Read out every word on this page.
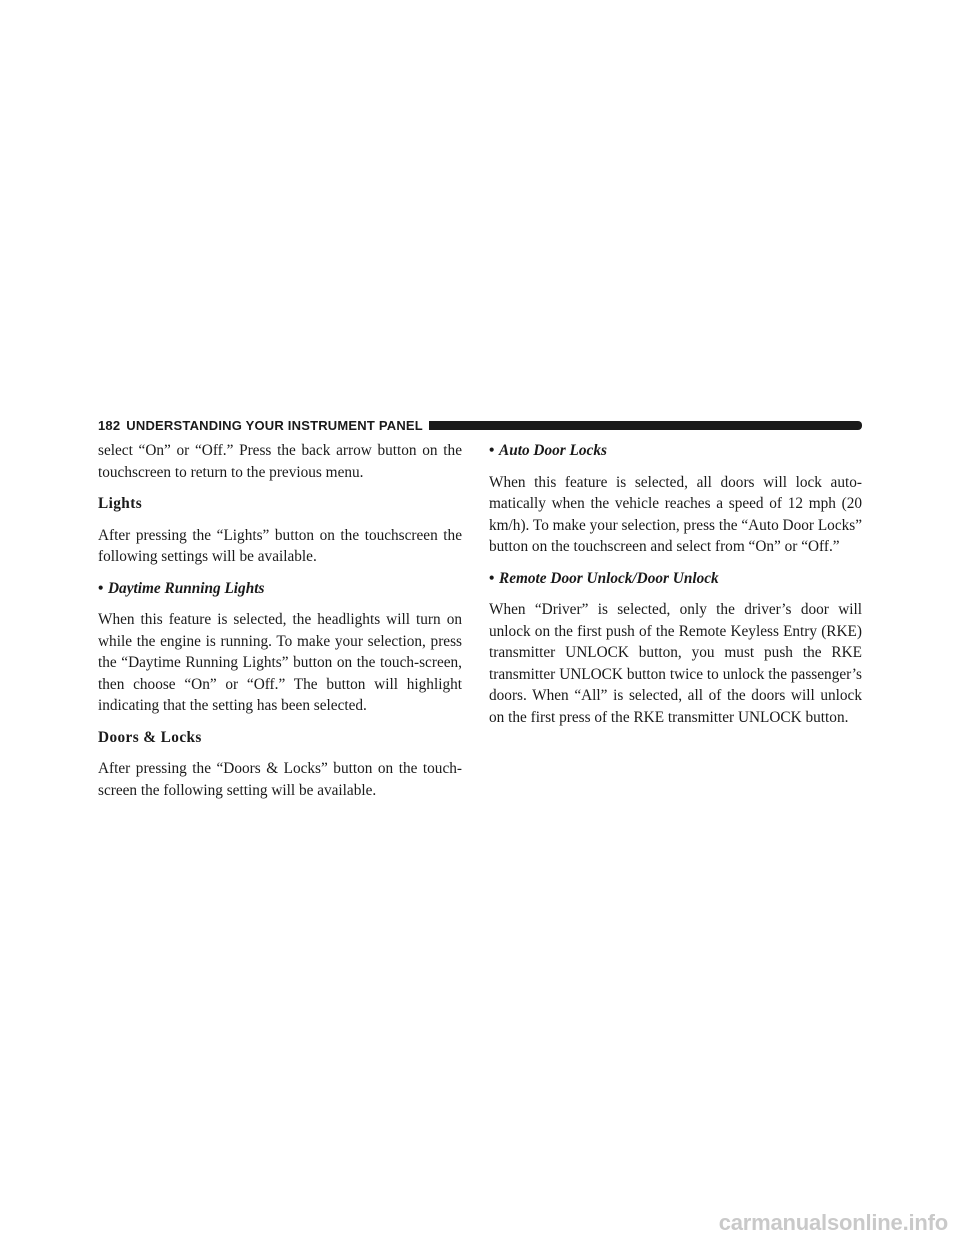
182 UNDERSTANDING YOUR INSTRUMENT PANEL

select “On” or “Off.” Press the back arrow button on the touchscreen to return to the previous menu.

Lights

After pressing the “Lights” button on the touchscreen the following settings will be available.

• Daytime Running Lights

When this feature is selected, the headlights will turn on while the engine is running. To make your selection, press the “Daytime Running Lights” button on the touch-screen, then choose “On” or “Off.” The button will highlight indicating that the setting has been selected.

Doors & Locks

After pressing the “Doors & Locks” button on the touch-screen the following setting will be available.

• Auto Door Locks

When this feature is selected, all doors will lock auto-matically when the vehicle reaches a speed of 12 mph (20 km/h). To make your selection, press the “Auto Door Locks” button on the touchscreen and select from “On” or “Off.”

• Remote Door Unlock/Door Unlock

When “Driver” is selected, only the driver’s door will unlock on the first push of the Remote Keyless Entry (RKE) transmitter UNLOCK button, you must push the RKE transmitter UNLOCK button twice to unlock the passenger’s doors. When “All” is selected, all of the doors will unlock on the first press of the RKE transmitter UNLOCK button.

carmanualsonline.info
